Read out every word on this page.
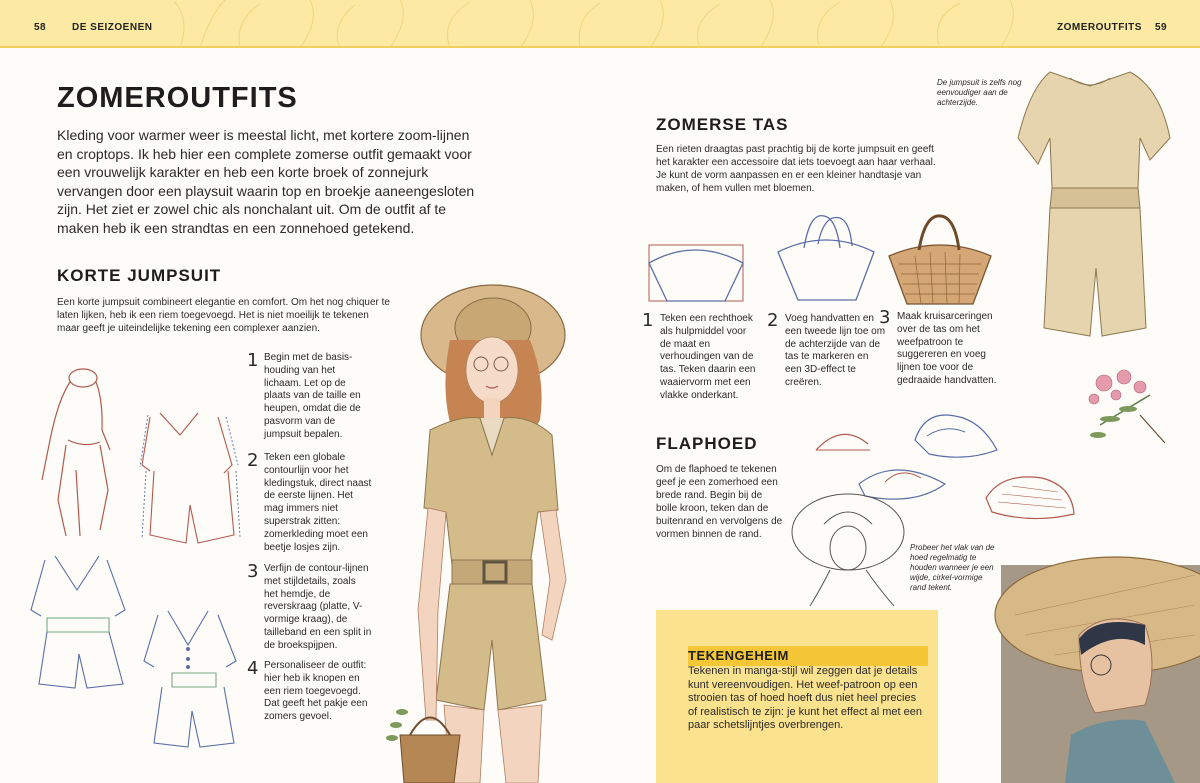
58	DE SEIZOENEN	ZOMEROUTFITS 59
ZOMEROUTFITS
Kleding voor warmer weer is meestal licht, met kortere zoom-lijnen en croptops. Ik heb hier een complete zomerse outfit gemaakt voor een vrouwelijk karakter en heb een korte broek of zonnejurk vervangen door een playsuit waarin top en broekje aaneengesloten zijn. Het ziet er zowel chic als nonchalant uit. Om de outfit af te maken heb ik een strandtas en een zonnehoed getekend.
KORTE JUMPSUIT
Een korte jumpsuit combineert elegantie en comfort. Om het nog chiquer te laten lijken, heb ik een riem toegevoegd. Het is niet moeilijk te tekenen maar geeft je uiteindelijke tekening een complexer aanzien.
1 Begin met de basis-houding van het lichaam. Let op de plaats van de taille en heupen, omdat die de pasvorm van de jumpsuit bepalen.
2 Teken een globale contourlijn voor het kledingstuk, direct naast de eerste lijnen. Het mag immers niet superstrak zitten: zomerkleding moet een beetje losjes zijn.
3 Verfijn de contour-lijnen met stijldetails, zoals het hemdje, de reverskraag (platte, V-vormige kraag), de tailleband en een split in de broekspijpen.
4 Personaliseer de outfit: hier heb ik knopen en een riem toegevoegd. Dat geeft het pakje een zomers gevoel.
ZOMERSE TAS
Een rieten draagtas past prachtig bij de korte jumpsuit en geeft het karakter een accessoire dat iets toevoegt aan haar verhaal. Je kunt de vorm aanpassen en er een kleiner handtasje van maken, of hem vullen met bloemen.
1 Teken een rechthoek als hulpmiddel voor de maat en verhoudingen van de tas. Teken daarin een waaiervorm met een vlakke onderkant.
2 Voeg handvatten en een tweede lijn toe om de achterzijde van de tas te markeren en een 3D-effect te creëren.
3 Maak kruisarceringen over de tas om het weefpatroon te suggereren en voeg lijnen toe voor de gedraaide handvatten.
De jumpsuit is zelfs nog eenvoudiger aan de achterzijde.
FLAPHOED
Om de flaphoed te tekenen geef je een zomerhoed een brede rand. Begin bij de bolle kroon, teken dan de buitenrand en vervolgens de vormen binnen de rand.
Probeer het vlak van de hoed regelmatig te houden wanneer je een wijde, cirkel-vormige rand tekent.
TEKENGEHEIM
Tekenen in manga-stijl wil zeggen dat je details kunt vereenvoudigen. Het weef-patroon op een strooien tas of hoed hoeft dus niet heel precies of realistisch te zijn: je kunt het effect al met een paar schetslijntjes overbrengen.
